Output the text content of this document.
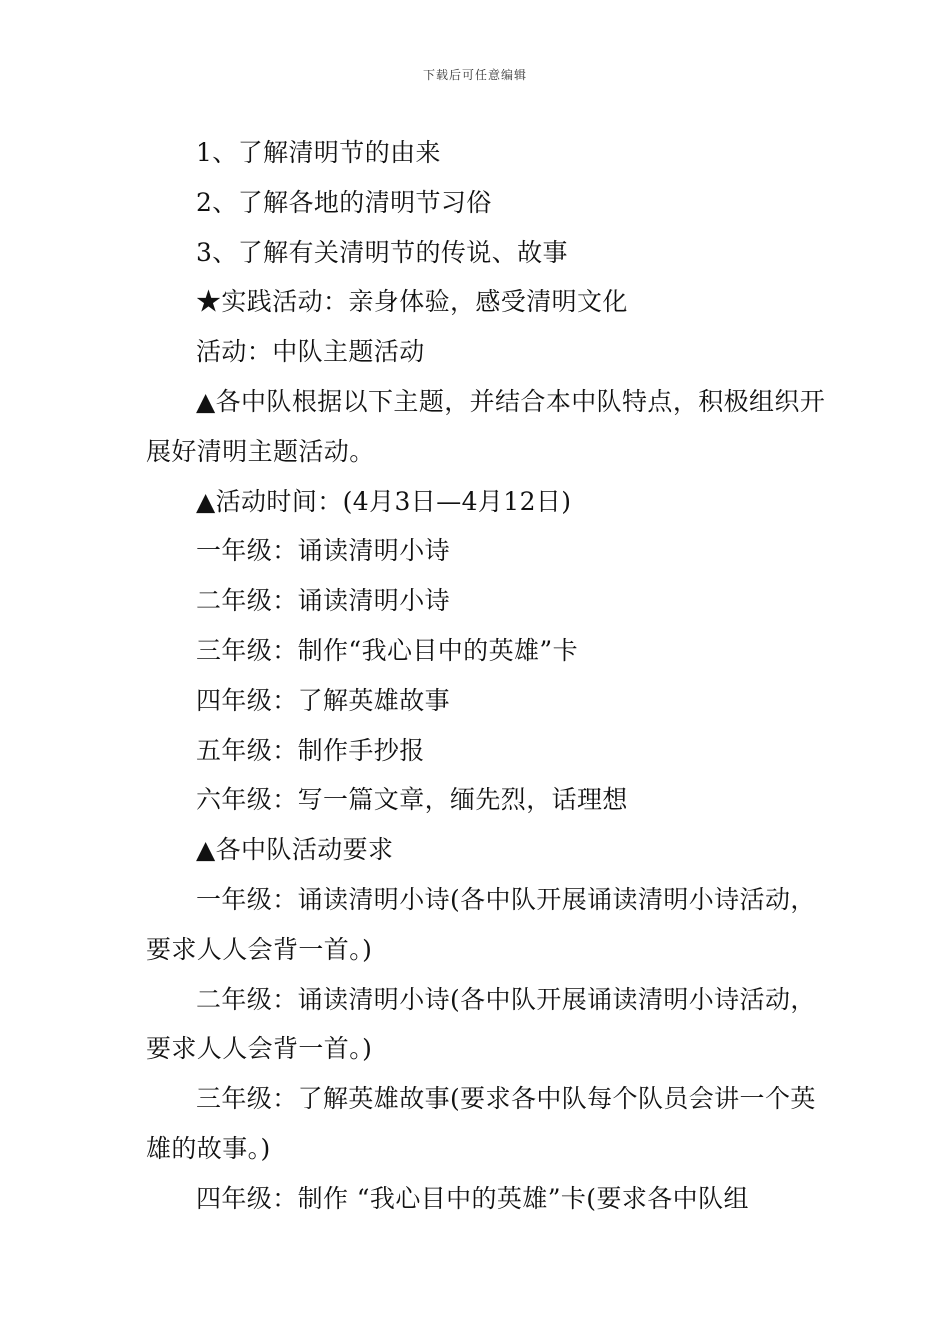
下载后可任意编辑

1、了解清明节的由来

2、了解各地的清明节习俗

3、了解有关清明节的传说、故事

★实践活动：亲身体验，感受清明文化

活动：中队主题活动

▲各中队根据以下主题，并结合本中队特点，积极组织开展好清明主题活动。

▲活动时间：(4月3日—4月12日)

一年级：诵读清明小诗

二年级：诵读清明小诗

三年级：制作“我心目中的英雄”卡

四年级：了解英雄故事

五年级：制作手抄报

六年级：写一篇文章，缅先烈，话理想

▲各中队活动要求

一年级：诵读清明小诗(各中队开展诵读清明小诗活动，要求人人会背一首。)

二年级：诵读清明小诗(各中队开展诵读清明小诗活动，要求人人会背一首。)

三年级：了解英雄故事(要求各中队每个队员会讲一个英雄的故事。)

四年级：制作 “我心目中的英雄”卡(要求各中队组
